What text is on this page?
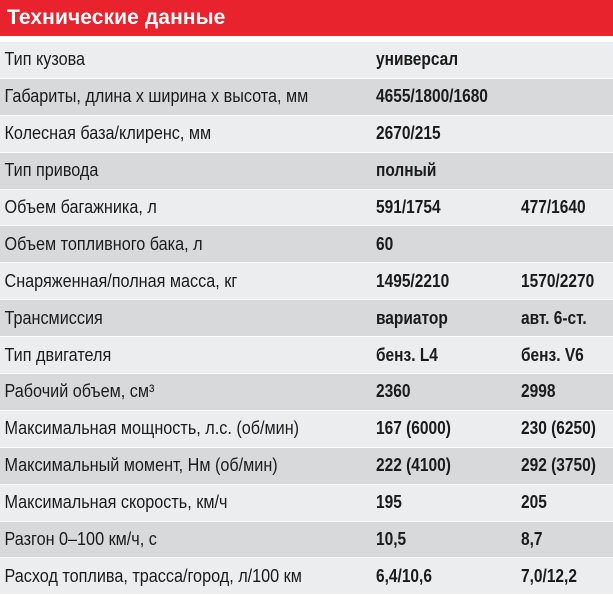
Технические данные
Тип кузова	универсал
Габариты, длина х ширина х высота, мм	4655/1800/1680
Колесная база/клиренс, мм	2670/215
Тип привода	полный
Объем багажника, л	591/1754	477/1640
Объем топливного бака, л	60
Снаряженная/полная масса, кг	1495/2210	1570/2270
Трансмиссия	вариатор	авт. 6-ст.
Тип двигателя	бенз. L4	бенз. V6
Рабочий объем, см³	2360	2998
Максимальная мощность, л.с. (об/мин)	167 (6000)	230 (6250)
Максимальный момент, Нм (об/мин)	222 (4100)	292 (3750)
Максимальная скорость, км/ч	195	205
Разгон 0–100 км/ч, с	10,5	8,7
Расход топлива, трасса/город, л/100 км	6,4/10,6	7,0/12,2
